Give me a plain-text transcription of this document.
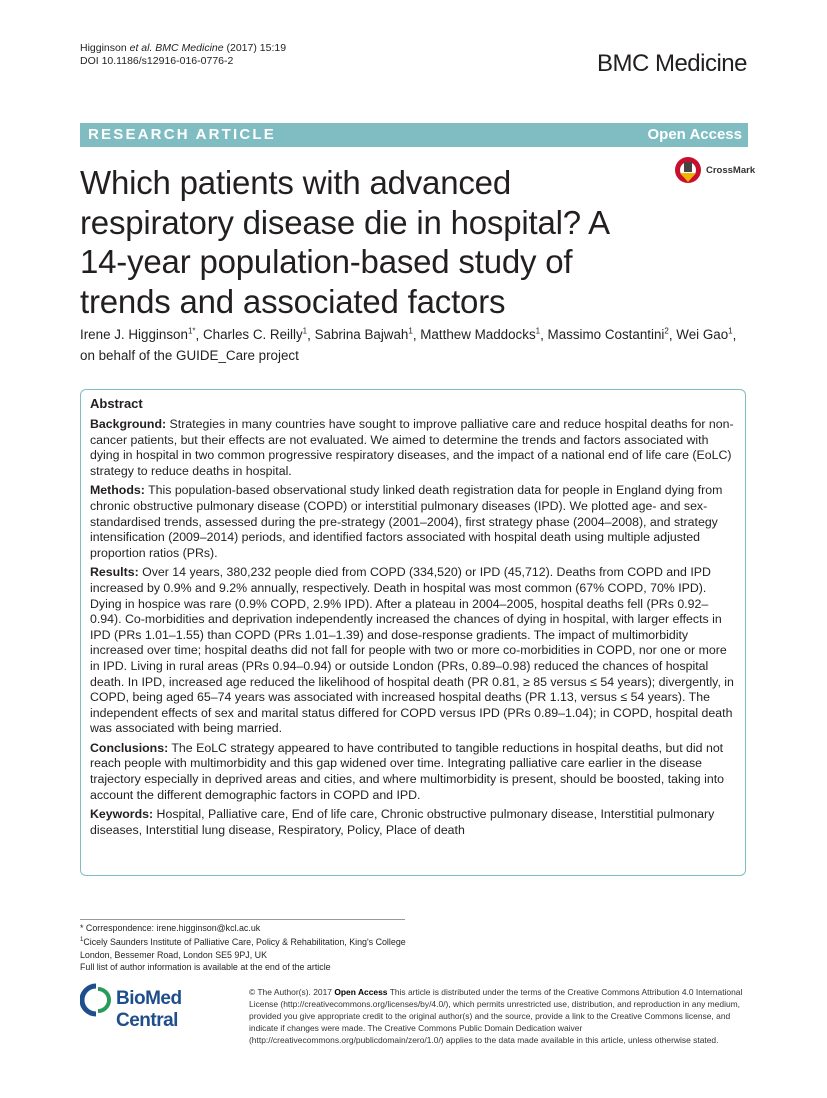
Higginson et al. BMC Medicine (2017) 15:19
DOI 10.1186/s12916-016-0776-2	BMC Medicine
RESEARCH ARTICLE	Open Access
Which patients with advanced respiratory disease die in hospital? A 14-year population-based study of trends and associated factors
CrossMark
Irene J. Higginson$^{1*}$, Charles C. Reilly$^1$, Sabrina Bajwah$^1$, Matthew Maddocks$^1$, Massimo Costantini$^2$, Wei Gao$^1$,
on behalf of the GUIDE_Care project
Abstract

Background: Strategies in many countries have sought to improve palliative care and reduce hospital deaths for non-cancer patients, but their effects are not evaluated. We aimed to determine the trends and factors associated with dying in hospital in two common progressive respiratory diseases, and the impact of a national end of life care (EoLC) strategy to reduce deaths in hospital.

Methods: This population-based observational study linked death registration data for people in England dying from chronic obstructive pulmonary disease (COPD) or interstitial pulmonary diseases (IPD). We plotted age- and sex-standardised trends, assessed during the pre-strategy (2001–2004), first strategy phase (2004–2008), and strategy intensification (2009–2014) periods, and identified factors associated with hospital death using multiple adjusted proportion ratios (PRs).

Results: Over 14 years, 380,232 people died from COPD (334,520) or IPD (45,712). Deaths from COPD and IPD increased by 0.9% and 9.2% annually, respectively. Death in hospital was most common (67% COPD, 70% IPD). Dying in hospice was rare (0.9% COPD, 2.9% IPD). After a plateau in 2004–2005, hospital deaths fell (PRs 0.92–0.94). Co-morbidities and deprivation independently increased the chances of dying in hospital, with larger effects in IPD (PRs 1.01–1.55) than COPD (PRs 1.01–1.39) and dose-response gradients. The impact of multimorbidity increased over time; hospital deaths did not fall for people with two or more co-morbidities in COPD, nor one or more in IPD. Living in rural areas (PRs 0.94–0.94) or outside London (PRs, 0.89–0.98) reduced the chances of hospital death. In IPD, increased age reduced the likelihood of hospital death (PR 0.81, ≥ 85 versus ≤ 54 years); divergently, in COPD, being aged 65–74 years was associated with increased hospital deaths (PR 1.13, versus ≤ 54 years). The independent effects of sex and marital status differed for COPD versus IPD (PRs 0.89–1.04); in COPD, hospital death was associated with being married.

Conclusions: The EoLC strategy appeared to have contributed to tangible reductions in hospital deaths, but did not reach people with multimorbidity and this gap widened over time. Integrating palliative care earlier in the disease trajectory especially in deprived areas and cities, and where multimorbidity is present, should be boosted, taking into account the different demographic factors in COPD and IPD.

Keywords: Hospital, Palliative care, End of life care, Chronic obstructive pulmonary disease, Interstitial pulmonary diseases, Interstitial lung disease, Respiratory, Policy, Place of death

* Correspondence: irene.higginson@kcl.ac.uk
$^1$Cicely Saunders Institute of Palliative Care, Policy & Rehabilitation, King's College London, Bessemer Road, London SE5 9PJ, UK
Full list of author information is available at the end of the article
BioMed Central
© The Author(s). 2017 Open Access This article is distributed under the terms of the Creative Commons Attribution 4.0 International License (http://creativecommons.org/licenses/by/4.0/), which permits unrestricted use, distribution, and reproduction in any medium, provided you give appropriate credit to the original author(s) and the source, provide a link to the Creative Commons license, and indicate if changes were made. The Creative Commons Public Domain Dedication waiver (http://creativecommons.org/publicdomain/zero/1.0/) applies to the data made available in this article, unless otherwise stated.
